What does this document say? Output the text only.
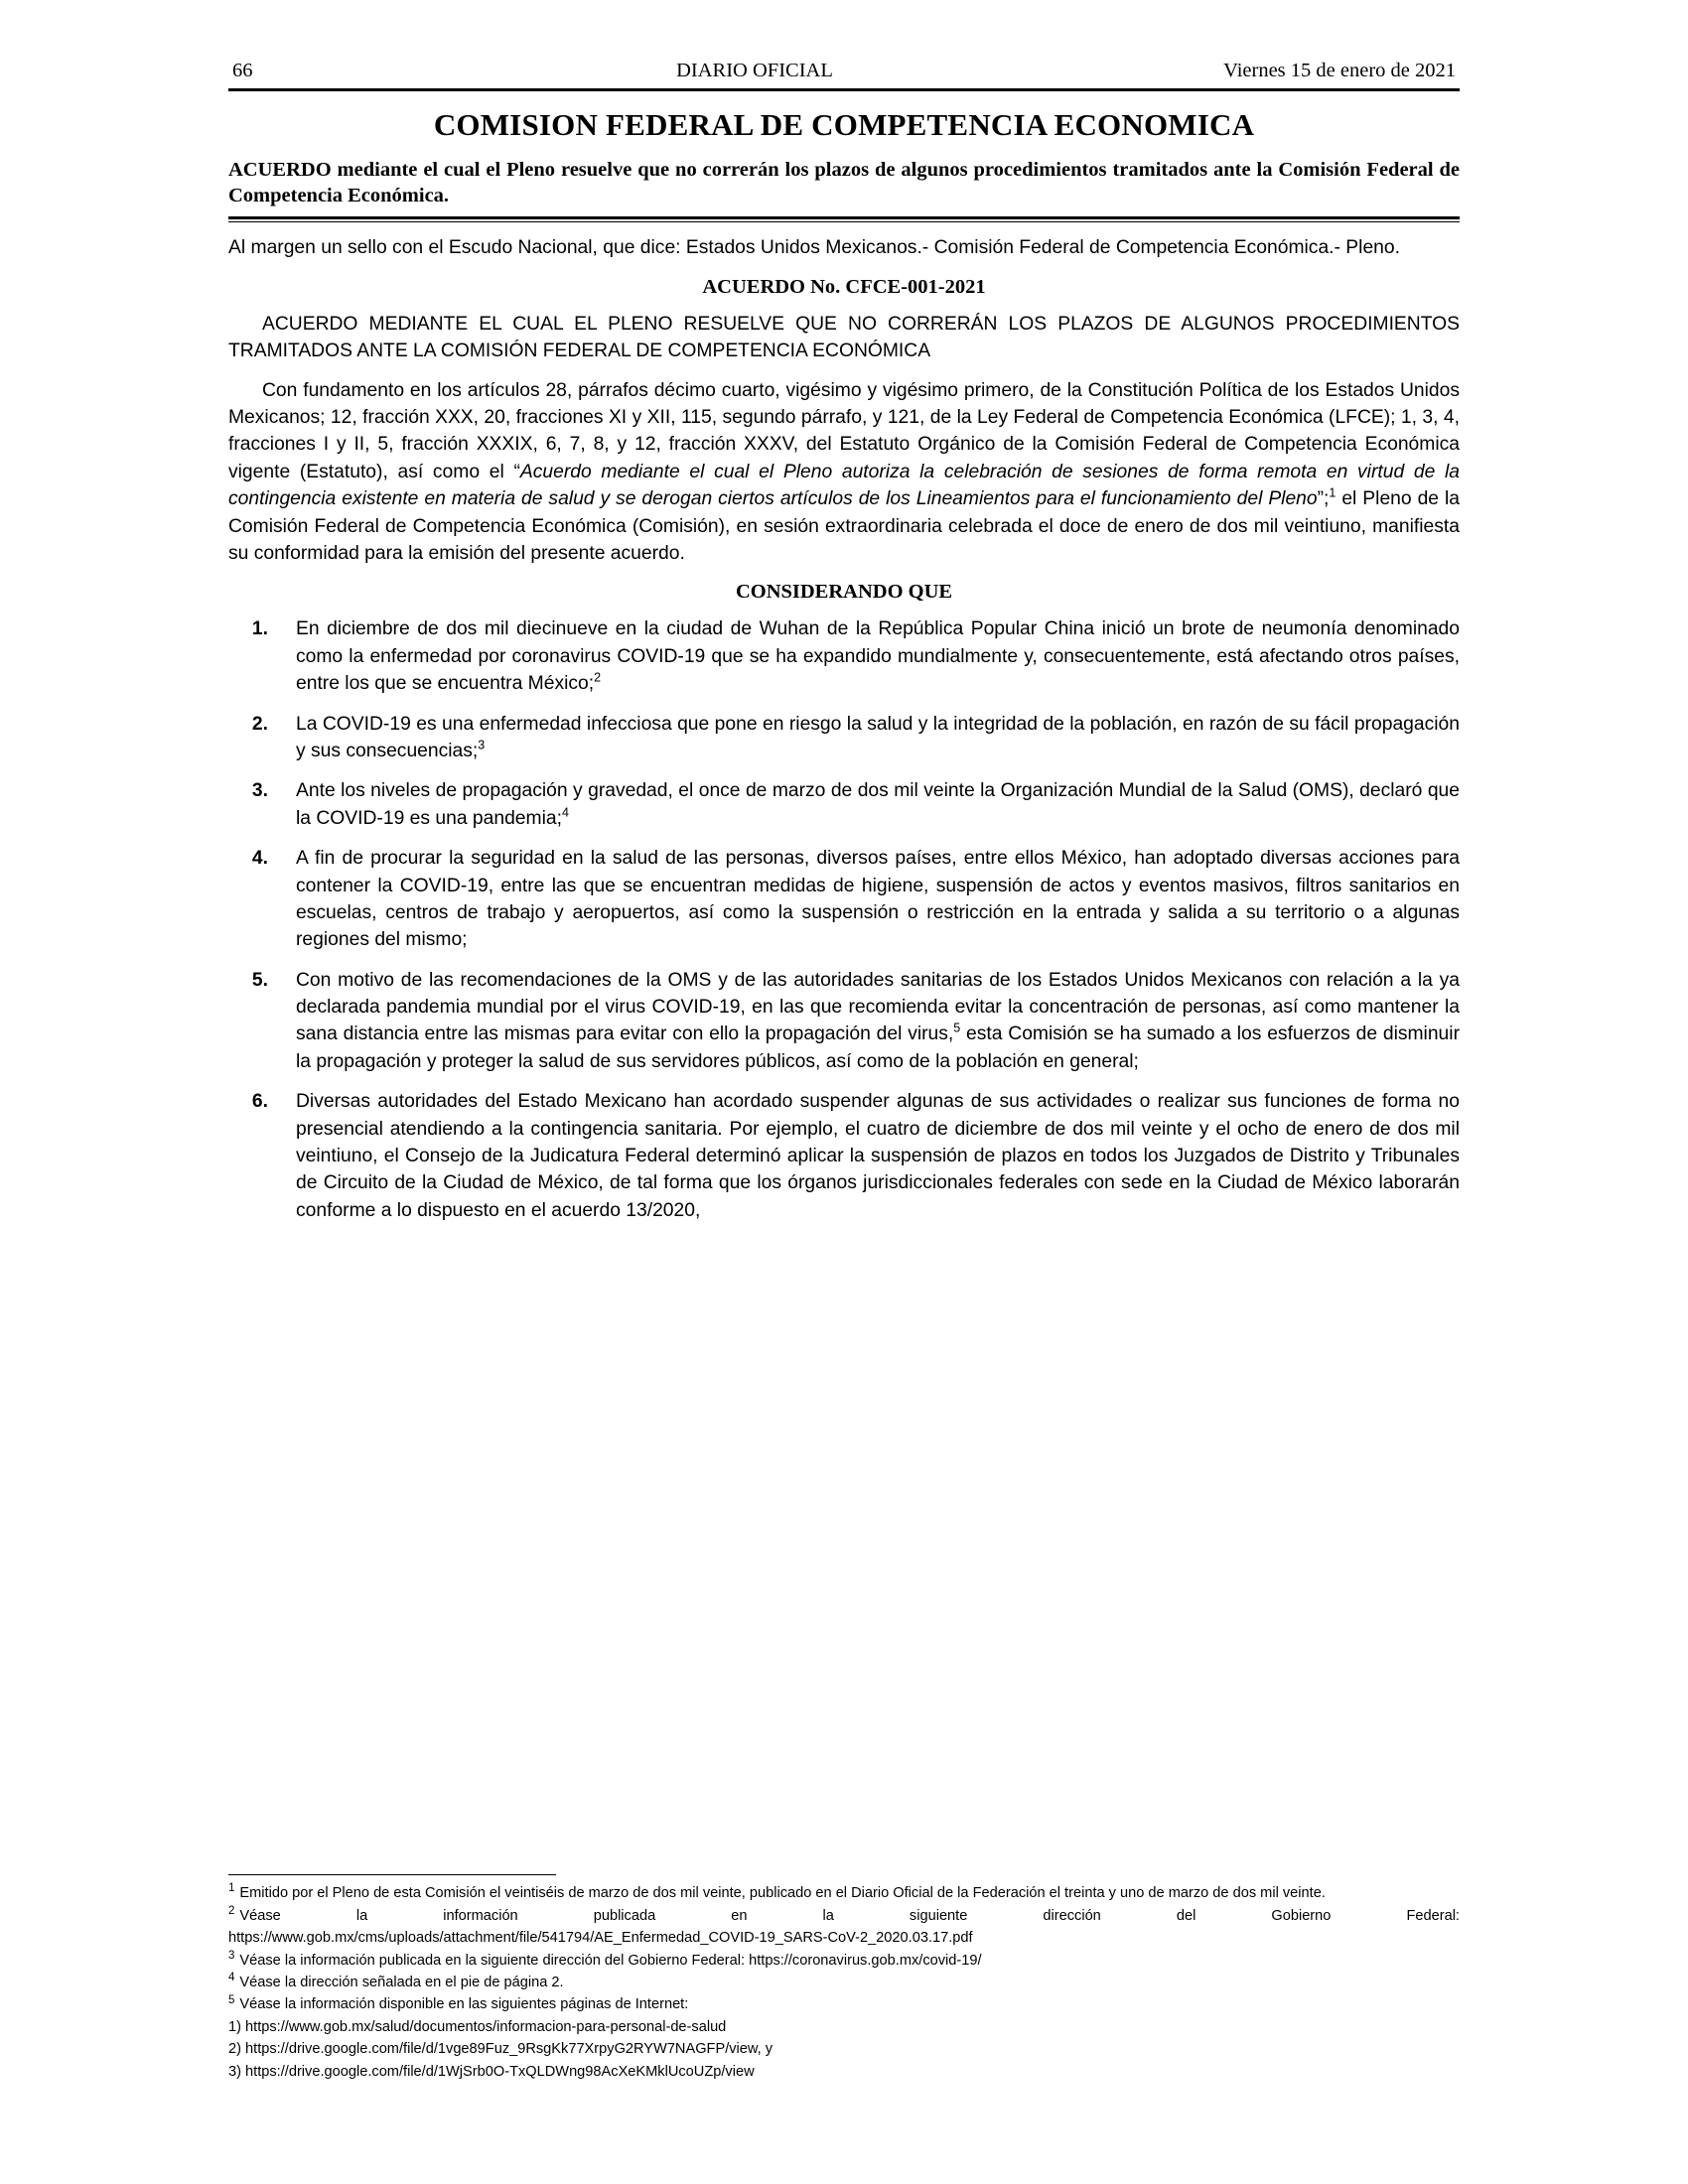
66	DIARIO OFICIAL	Viernes 15 de enero de 2021
COMISION FEDERAL DE COMPETENCIA ECONOMICA
ACUERDO mediante el cual el Pleno resuelve que no correrán los plazos de algunos procedimientos tramitados ante la Comisión Federal de Competencia Económica.

Al margen un sello con el Escudo Nacional, que dice: Estados Unidos Mexicanos.- Comisión Federal de Competencia Económica.- Pleno.

ACUERDO No. CFCE-001-2021

ACUERDO MEDIANTE EL CUAL EL PLENO RESUELVE QUE NO CORRERÁN LOS PLAZOS DE ALGUNOS PROCEDIMIENTOS TRAMITADOS ANTE LA COMISIÓN FEDERAL DE COMPETENCIA ECONÓMICA

Con fundamento en los artículos 28, párrafos décimo cuarto, vigésimo y vigésimo primero, de la Constitución Política de los Estados Unidos Mexicanos; 12, fracción XXX, 20, fracciones XI y XII, 115, segundo párrafo, y 121, de la Ley Federal de Competencia Económica (LFCE); 1, 3, 4, fracciones I y II, 5, fracción XXXIX, 6, 7, 8, y 12, fracción XXXV, del Estatuto Orgánico de la Comisión Federal de Competencia Económica vigente (Estatuto), así como el “Acuerdo mediante el cual el Pleno autoriza la celebración de sesiones de forma remota en virtud de la contingencia existente en materia de salud y se derogan ciertos artículos de los Lineamientos para el funcionamiento del Pleno”;$^1$ el Pleno de la Comisión Federal de Competencia Económica (Comisión), en sesión extraordinaria celebrada el doce de enero de dos mil veintiuno, manifiesta su conformidad para la emisión del presente acuerdo.

CONSIDERANDO QUE
1.	En diciembre de dos mil diecinueve en la ciudad de Wuhan de la República Popular China inició un brote de neumonía denominado como la enfermedad por coronavirus COVID-19 que se ha expandido mundialmente y, consecuentemente, está afectando otros países, entre los que se encuentra México;$^2$
2.	La COVID-19 es una enfermedad infecciosa que pone en riesgo la salud y la integridad de la población, en razón de su fácil propagación y sus consecuencias;$^3$
3.	Ante los niveles de propagación y gravedad, el once de marzo de dos mil veinte la Organización Mundial de la Salud (OMS), declaró que la COVID-19 es una pandemia;$^4$
4.	A fin de procurar la seguridad en la salud de las personas, diversos países, entre ellos México, han adoptado diversas acciones para contener la COVID-19, entre las que se encuentran medidas de higiene, suspensión de actos y eventos masivos, filtros sanitarios en escuelas, centros de trabajo y aeropuertos, así como la suspensión o restricción en la entrada y salida a su territorio o a algunas regiones del mismo;
5.	Con motivo de las recomendaciones de la OMS y de las autoridades sanitarias de los Estados Unidos Mexicanos con relación a la ya declarada pandemia mundial por el virus COVID-19, en las que recomienda evitar la concentración de personas, así como mantener la sana distancia entre las mismas para evitar con ello la propagación del virus,$^5$ esta Comisión se ha sumado a los esfuerzos de disminuir la propagación y proteger la salud de sus servidores públicos, así como de la población en general;
6.	Diversas autoridades del Estado Mexicano han acordado suspender algunas de sus actividades o realizar sus funciones de forma no presencial atendiendo a la contingencia sanitaria. Por ejemplo, el cuatro de diciembre de dos mil veinte y el ocho de enero de dos mil veintiuno, el Consejo de la Judicatura Federal determinó aplicar la suspensión de plazos en todos los Juzgados de Distrito y Tribunales de Circuito de la Ciudad de México, de tal forma que los órganos jurisdiccionales federales con sede en la Ciudad de México laborarán conforme a lo dispuesto en el acuerdo 13/2020,
$^1$ Emitido por el Pleno de esta Comisión el veintiséis de marzo de dos mil veinte, publicado en el Diario Oficial de la Federación el treinta y uno de marzo de dos mil veinte.
$^2$ Véase la información publicada en la siguiente dirección del Gobierno Federal:
https://www.gob.mx/cms/uploads/attachment/file/541794/AE_Enfermedad_COVID-19_SARS-CoV-2_2020.03.17.pdf
$^3$ Véase la información publicada en la siguiente dirección del Gobierno Federal: https://coronavirus.gob.mx/covid-19/
$^4$ Véase la dirección señalada en el pie de página 2.
$^5$ Véase la información disponible en las siguientes páginas de Internet:
1) https://www.gob.mx/salud/documentos/informacion-para-personal-de-salud
2) https://drive.google.com/file/d/1vge89Fuz_9RsgKk77XrpyG2RYW7NAGFP/view, y
3) https://drive.google.com/file/d/1WjSrb0O-TxQLDWng98AcXeKMklUcoUZp/view
